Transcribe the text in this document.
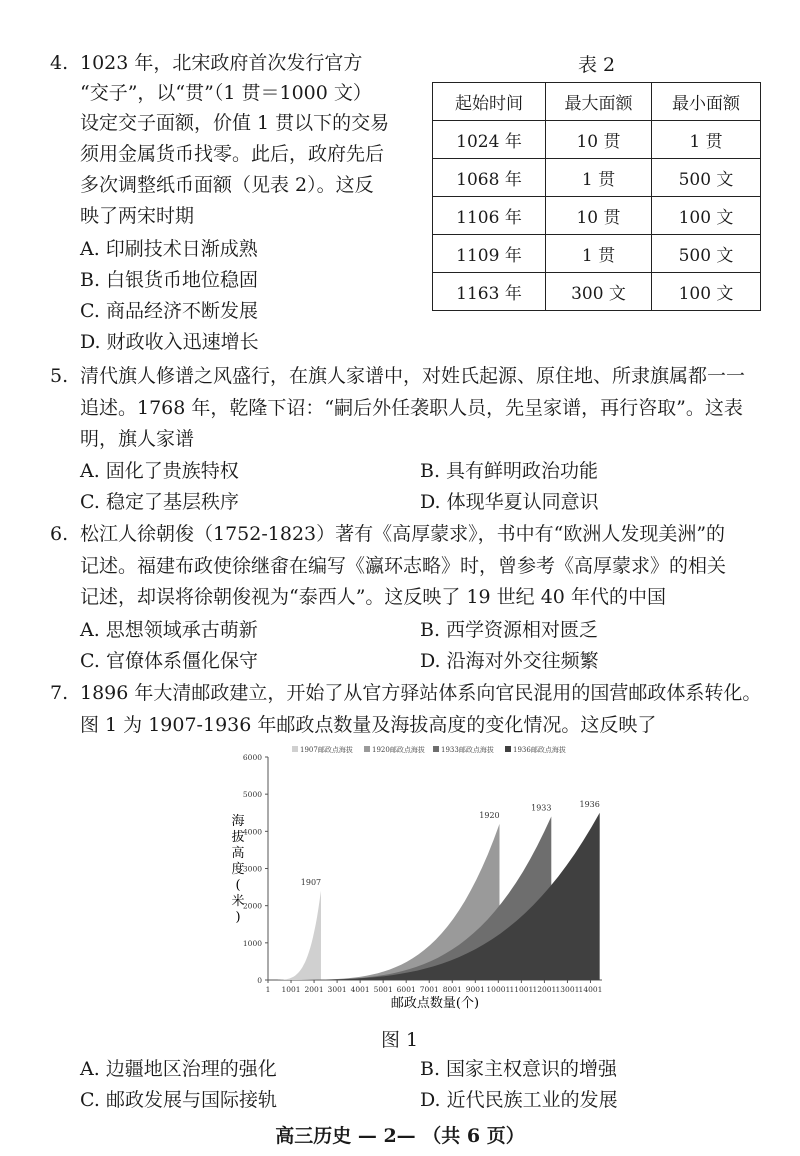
4. 1023 年，北宋政府首次发行官方
“交子”，以“贯”（1 贯＝1000 文）
设定交子面额，价值 1 贯以下的交易
须用金属货币找零。此后，政府先后
多次调整纸币面额（见表 2）。这反
映了两宋时期
A. 印刷技术日渐成熟
B. 白银货币地位稳固
C. 商品经济不断发展
D. 财政收入迅速增长
表 2
起始时间	最大面额	最小面额
1024 年	10 贯	1 贯
1068 年	1 贯	500 文
1106 年	10 贯	100 文
1109 年	1 贯	500 文
1163 年	300 文	100 文
5. 清代旗人修谱之风盛行，在旗人家谱中，对姓氏起源、原住地、所隶旗属都一一
追述。1768 年，乾隆下诏：“嗣后外任袭职人员，先呈家谱，再行咨取”。这表
明，旗人家谱
A. 固化了贵族特权	B. 具有鲜明政治功能
C. 稳定了基层秩序	D. 体现华夏认同意识
6. 松江人徐朝俊（1752-1823）著有《高厚蒙求》，书中有“欧洲人发现美洲”的
记述。福建布政使徐继畬在编写《瀛环志略》时，曾参考《高厚蒙求》的相关
记述，却误将徐朝俊视为“泰西人”。这反映了 19 世纪 40 年代的中国
A. 思想领域承古萌新	B. 西学资源相对匮乏
C. 官僚体系僵化保守	D. 沿海对外交往频繁
7. 1896 年大清邮政建立，开始了从官方驿站体系向官民混用的国营邮政体系转化。
图 1 为 1907-1936 年邮政点数量及海拔高度的变化情况。这反映了
1907邮政点海拔	1920邮政点海拔 1933邮政点海拔	1936邮政点海拔
0
1000
2000
3000
4000
5000
6000
1 1001 2001 3001 4001 5001 6001 7001 8001 9001 10001 11001 12001 13001 14001
1907
1920
1933	1936
海拔高度(米)
邮政点数量(个)
图 1
A. 边疆地区治理的强化	B. 国家主权意识的增强
C. 邮政发展与国际接轨	D. 近代民族工业的发展
高三历史 — 2— （共 6 页）
